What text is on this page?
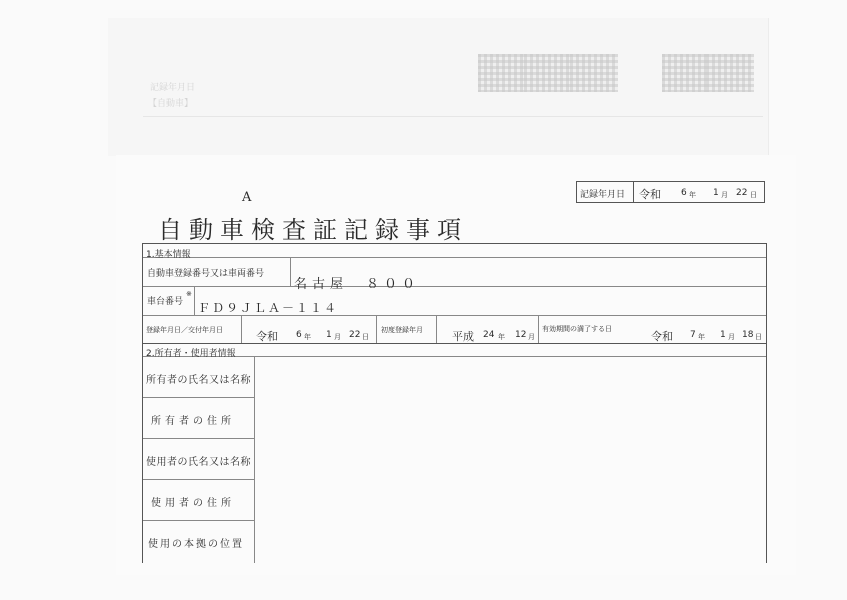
記録年月日
【自動車】
A
自動車検査証記録事項
記録年月日 令和 6 年 1 月 22 日
1.基本情報
自動車登録番号又は車両番号
名古屋　８００
車台番号
※
ＦＤ９ＪＬＡ－１１４
登録年月日／交付年月日	令和 6 年 1 月 22 日
初度登録年月	平成 24 年 12 月
有効期間の満了する日
令和 7 年 1 月 18 日
2.所有者・使用者情報
所有者の氏名又は名称
所有者の住所
使用者の氏名又は名称
使用者の住所
使用の本拠の位置
